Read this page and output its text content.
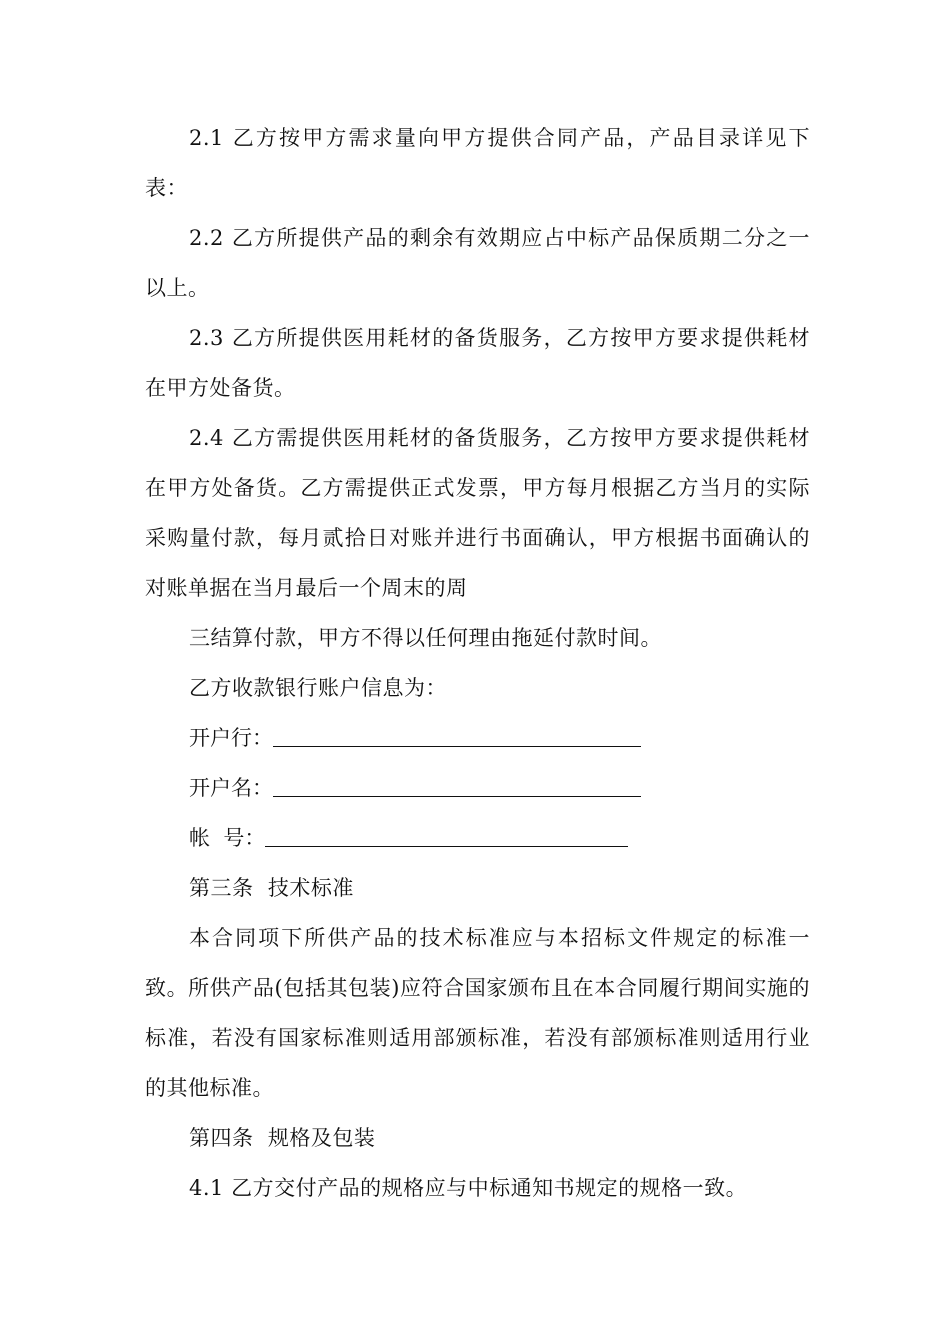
2.1 乙方按甲方需求量向甲方提供合同产品，产品目录详见下表：

2.2 乙方所提供产品的剩余有效期应占中标产品保质期二分之一以上。

2.3 乙方所提供医用耗材的备货服务，乙方按甲方要求提供耗材在甲方处备货。

2.4 乙方需提供医用耗材的备货服务，乙方按甲方要求提供耗材在甲方处备货。乙方需提供正式发票，甲方每月根据乙方当月的实际采购量付款，每月贰拾日对账并进行书面确认，甲方根据书面确认的对账单据在当月最后一个周末的周

三结算付款，甲方不得以任何理由拖延付款时间。

乙方收款银行账户信息为：

开户行：

开户名：

帐  号：

第三条  技术标准

本合同项下所供产品的技术标准应与本招标文件规定的标准一致。所供产品(包括其包装)应符合国家颁布且在本合同履行期间实施的标准，若没有国家标准则适用部颁标准，若没有部颁标准则适用行业的其他标准。

第四条  规格及包装

4.1 乙方交付产品的规格应与中标通知书规定的规格一致。
